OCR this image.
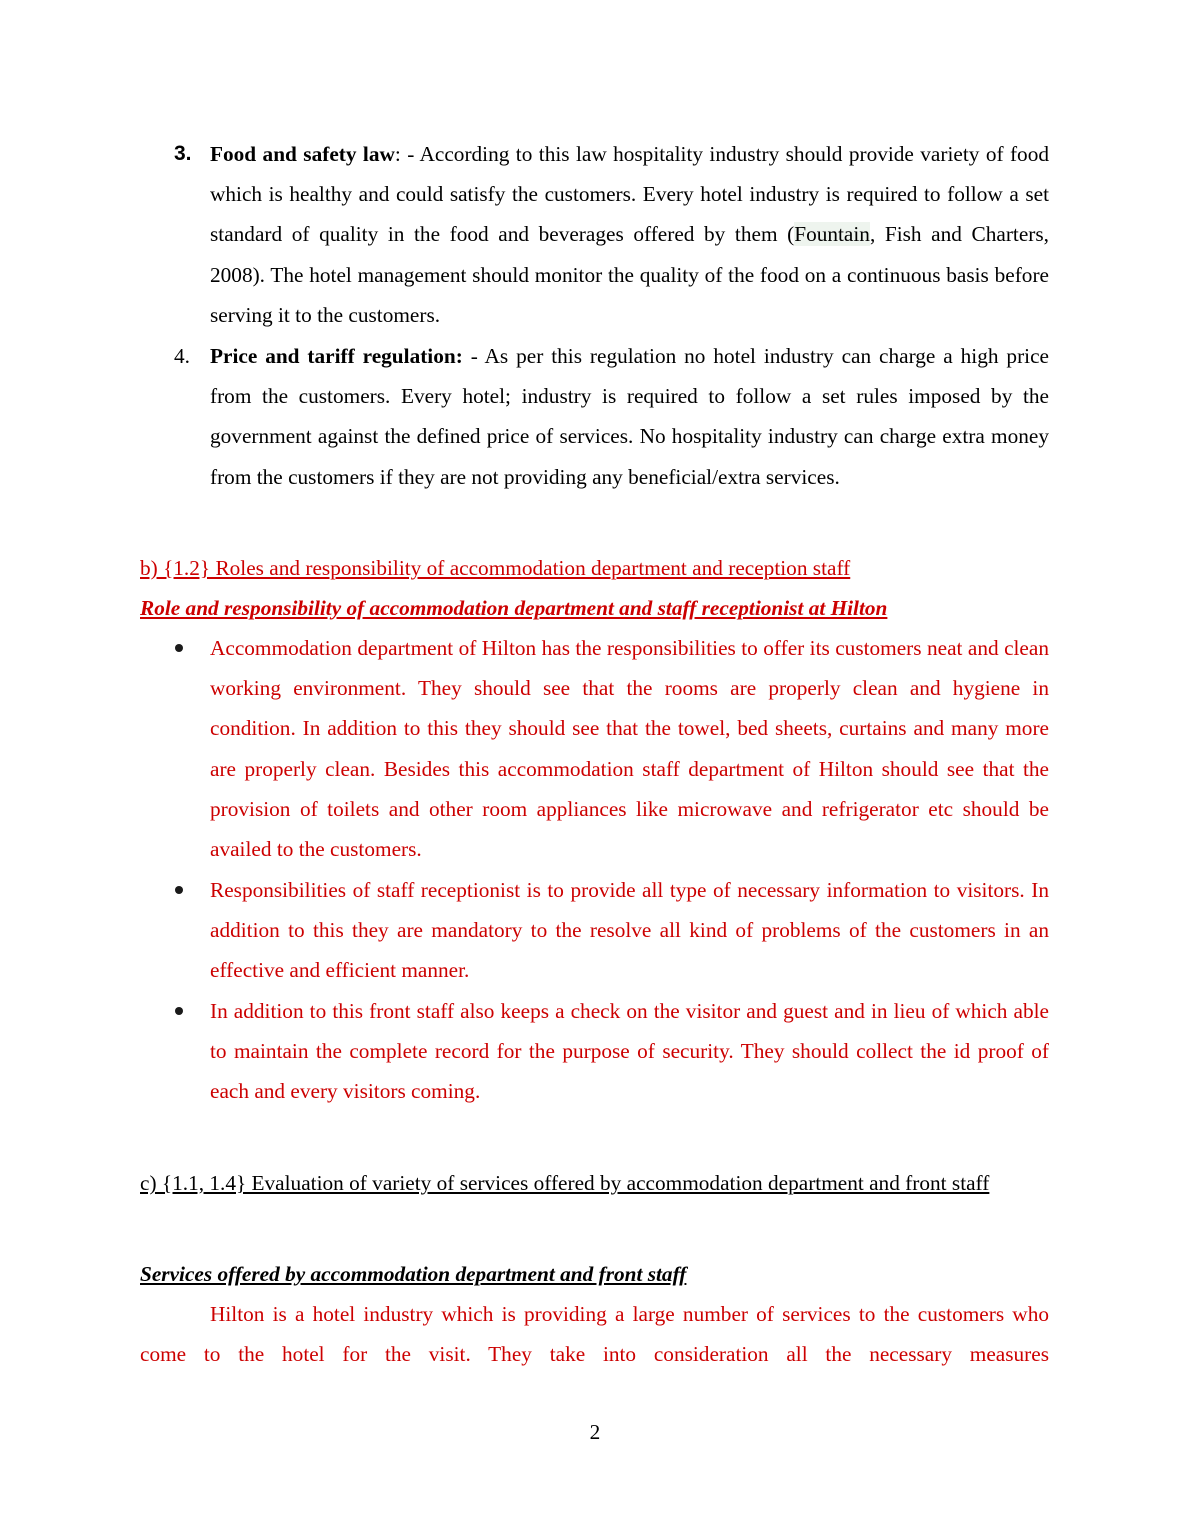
3. Food and safety law: - According to this law hospitality industry should provide variety of food which is healthy and could satisfy the customers. Every hotel industry is required to follow a set standard of quality in the food and beverages offered by them (Fountain, Fish and Charters, 2008). The hotel management should monitor the quality of the food on a continuous basis before serving it to the customers.

4. Price and tariff regulation: - As per this regulation no hotel industry can charge a high price from the customers. Every hotel; industry is required to follow a set rules imposed by the government against the defined price of services. No hospitality industry can charge extra money from the customers if they are not providing any beneficial/extra services.

b) {1.2} Roles and responsibility of accommodation department and reception staff

Role and responsibility of accommodation department and staff receptionist at Hilton

Accommodation department of Hilton has the responsibilities to offer its customers neat and clean working environment. They should see that the rooms are properly clean and hygiene in condition. In addition to this they should see that the towel, bed sheets, curtains and many more are properly clean. Besides this accommodation staff department of Hilton should see that the provision of toilets and other room appliances like microwave and refrigerator etc should be availed to the customers.

Responsibilities of staff receptionist is to provide all type of necessary information to visitors. In addition to this they are mandatory to the resolve all kind of problems of the customers in an effective and efficient manner.

In addition to this front staff also keeps a check on the visitor and guest and in lieu of which able to maintain the complete record for the purpose of security. They should collect the id proof of each and every visitors coming.

c) {1.1, 1.4} Evaluation of variety of services offered by accommodation department and front staff

Services offered by accommodation department and front staff

Hilton is a hotel industry which is providing a large number of services to the customers who come to the hotel for the visit. They take into consideration all the necessary measures

2
